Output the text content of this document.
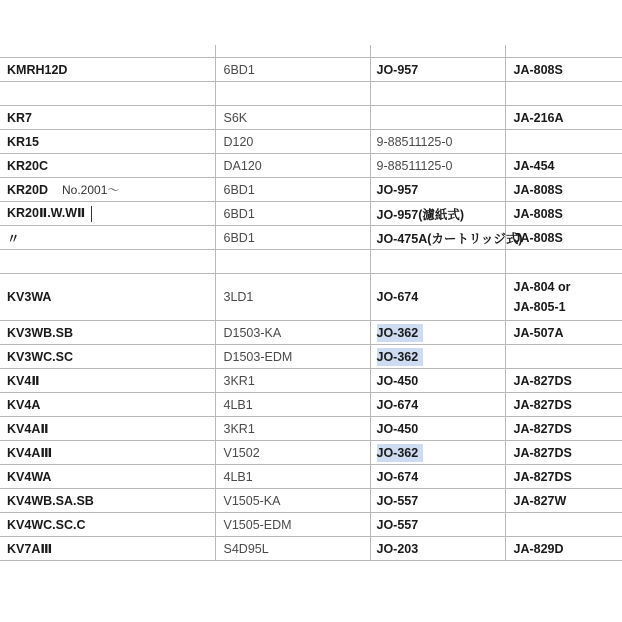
KMRH12D	6BD1	JO-957	JA-808S

KR7	S6K		JA-216A

KR15	D120	9-88511125-0	
KR20C	DA120	9-88511125-0	JA-454

KR20D No.2001～	6BD1	JO-957	JA-808S

KR20Ⅱ.W.WⅡ	6BD1	JO-957(濾紙式)	JA-808S

〃	6BD1	JO-475A(カートリッジ式)	JA-808S

KV3WA	3LD1	JO-674	JA-804 or
JA-805-1

KV3WB.SB	D1503-KA	JO-362	JA-507A

KV3WC.SC	D1503-EDM	JO-362	
KV4Ⅱ	3KR1	JO-450	JA-827DS

KV4A	4LB1	JO-674	JA-827DS

KV4AⅡ	3KR1	JO-450	JA-827DS

KV4AⅢ	V1502	JO-362	JA-827DS

KV4WA	4LB1	JO-674	JA-827DS

KV4WB.SA.SB	V1505-KA	JO-557	JA-827W

KV4WC.SC.C	V1505-EDM	JO-557	
KV7AⅢ	S4D95L	JO-203	JA-829D
